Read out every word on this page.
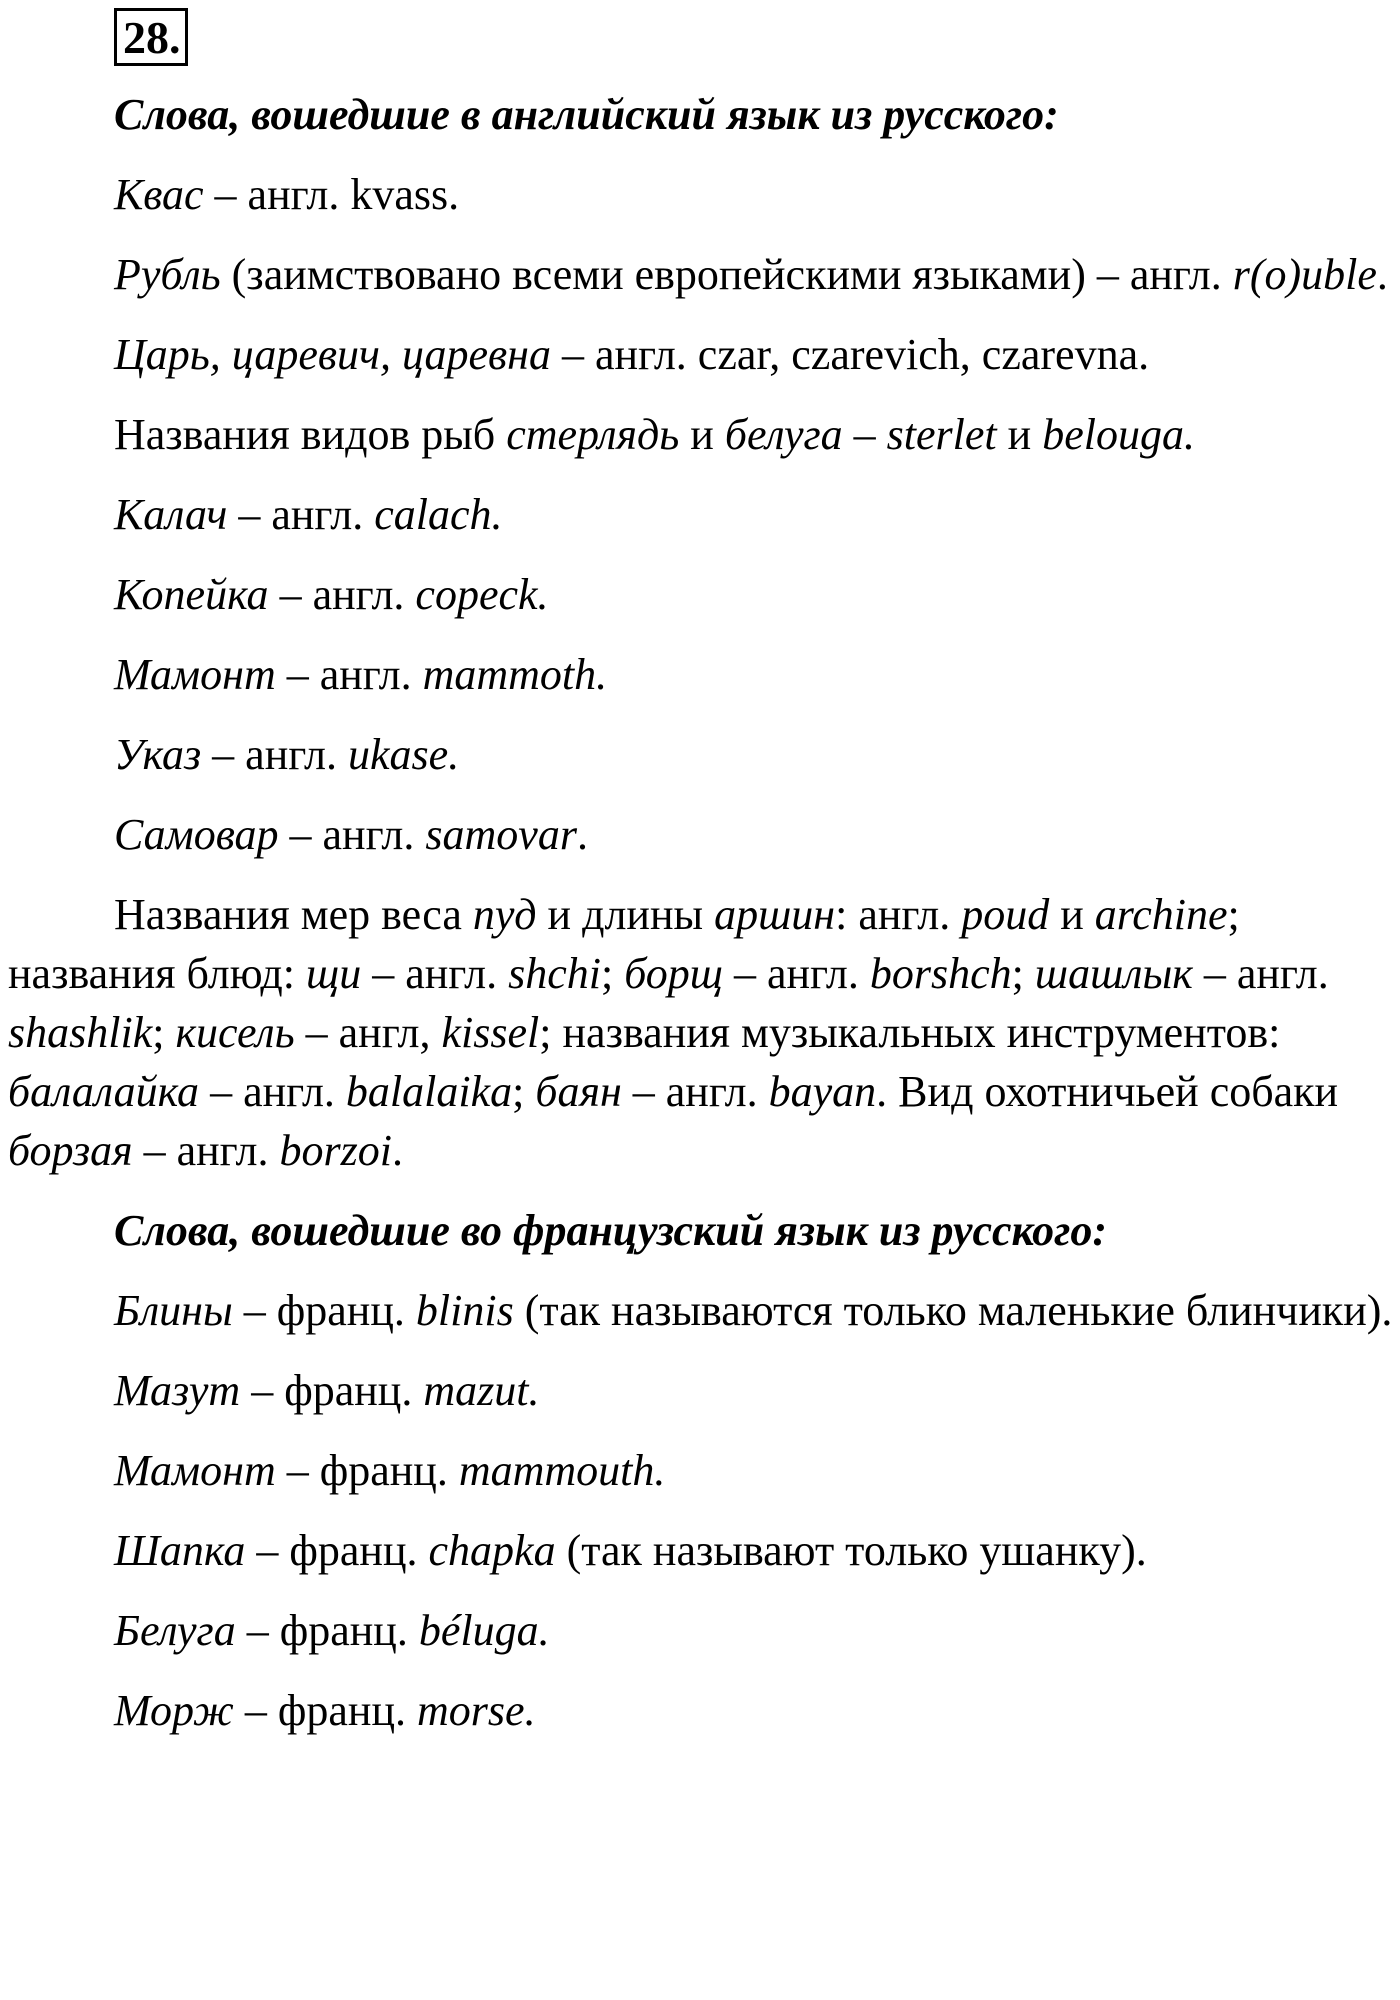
28.

Слова, вошедшие в английский язык из русского:

Квас – англ. kvass.

Рубль (заимствовано всеми европейскими языками) – англ. r(o)uble.

Царь, царевич, царевна – англ. czar, czarevich, czarevna.

Названия видов рыб стерлядь и белуга – sterlet и belouga.

Калач – англ. calach.

Копейка – англ. copeck.

Мамонт – англ. mammoth.

Указ – англ. ukase.

Самовар – англ. samovar.

Названия мер веса пуд и длины аршин: англ. poud и archine; названия блюд: щи – англ. shchi; борщ – англ. borshch; шашлык – англ. shashlik; кисель – англ, kissel; названия музыкальных инструментов: балалайка – англ. balalaika; баян – англ. bayan. Вид охотничьей собаки борзая – англ. borzoi.

Слова, вошедшие во французский язык из русского:

Блины – франц. blinis (так называются только маленькие блинчики).

Мазут – франц. mazut.

Мамонт – франц. mammouth.

Шапка – франц. chapka (так называют только ушанку).

Белуга – франц. béluga.

Морж – франц. morse.
